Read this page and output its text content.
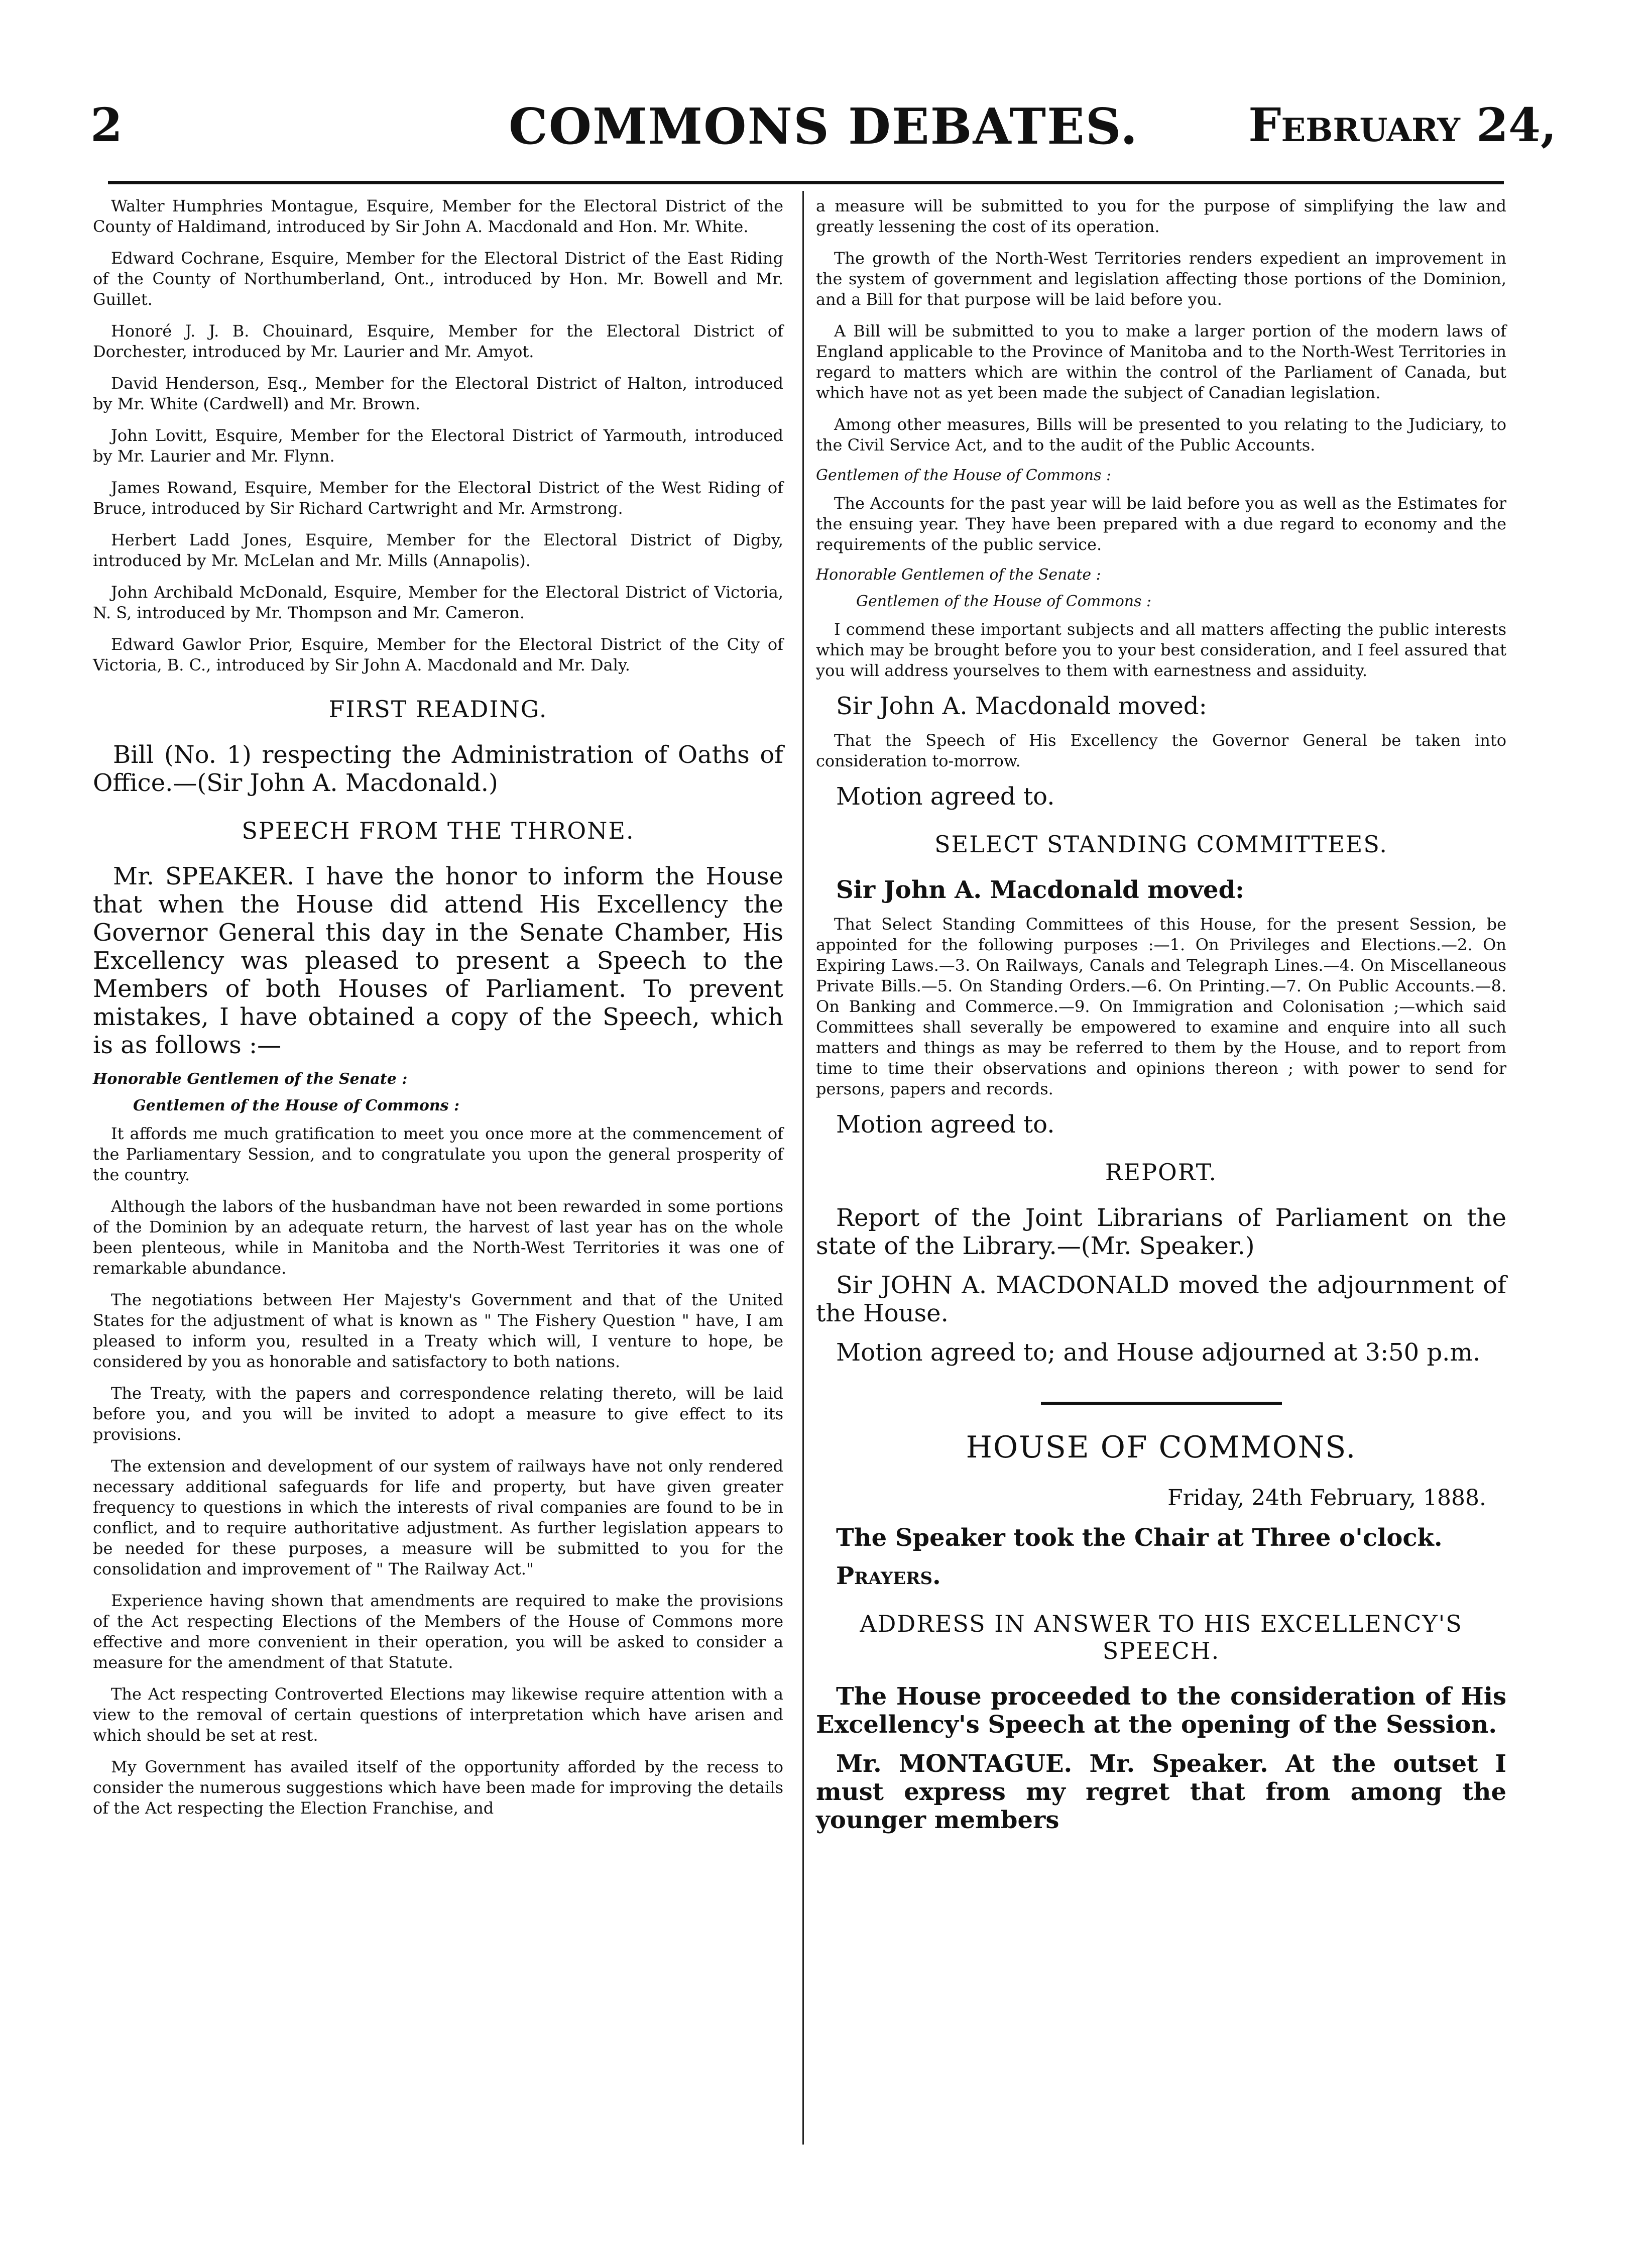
2	COMMONS DEBATES.	February 24,

Walter Humphries Montague, Esquire, Member for the Electoral District of the County of Haldimand, introduced by Sir John A. Macdonald and Hon. Mr. White.

Edward Cochrane, Esquire, Member for the Electoral District of the East Riding of the County of Northumberland, Ont., introduced by Hon. Mr. Bowell and Mr. Guillet.

Honoré J. J. B. Chouinard, Esquire, Member for the Electoral District of Dorchester, introduced by Mr. Laurier and Mr. Amyot.

David Henderson, Esq., Member for the Electoral District of Halton, introduced by Mr. White (Cardwell) and Mr. Brown.

John Lovitt, Esquire, Member for the Electoral District of Yarmouth, introduced by Mr. Laurier and Mr. Flynn.

James Rowand, Esquire, Member for the Electoral District of the West Riding of Bruce, introduced by Sir Richard Cartwright and Mr. Armstrong.

Herbert Ladd Jones, Esquire, Member for the Electoral District of Digby, introduced by Mr. McLelan and Mr. Mills (Annapolis).

John Archibald McDonald, Esquire, Member for the Electoral District of Victoria, N. S, introduced by Mr. Thompson and Mr. Cameron.

Edward Gawlor Prior, Esquire, Member for the Electoral District of the City of Victoria, B. C., introduced by Sir John A. Macdonald and Mr. Daly.

FIRST READING.

Bill (No. 1) respecting the Administration of Oaths of Office.—(Sir John A. Macdonald.)

SPEECH FROM THE THRONE.

Mr. SPEAKER. I have the honor to inform the House that when the House did attend His Excellency the Governor General this day in the Senate Chamber, His Excellency was pleased to present a Speech to the Members of both Houses of Parliament. To prevent mistakes, I have obtained a copy of the Speech, which is as follows :—

Honorable Gentlemen of the Senate :
Gentlemen of the House of Commons :

It affords me much gratification to meet you once more at the commencement of the Parliamentary Session, and to congratulate you upon the general prosperity of the country.

Although the labors of the husbandman have not been rewarded in some portions of the Dominion by an adequate return, the harvest of last year has on the whole been plenteous, while in Manitoba and the North-West Territories it was one of remarkable abundance.

The negotiations between Her Majesty's Government and that of the United States for the adjustment of what is known as " The Fishery Question " have, I am pleased to inform you, resulted in a Treaty which will, I venture to hope, be considered by you as honorable and satisfactory to both nations.

The Treaty, with the papers and correspondence relating thereto, will be laid before you, and you will be invited to adopt a measure to give effect to its provisions.

The extension and development of our system of railways have not only rendered necessary additional safeguards for life and property, but have given greater frequency to questions in which the interests of rival companies are found to be in conflict, and to require authoritative adjustment. As further legislation appears to be needed for these purposes, a measure will be submitted to you for the consolidation and improvement of " The Railway Act."

Experience having shown that amendments are required to make the provisions of the Act respecting Elections of the Members of the House of Commons more effective and more convenient in their operation, you will be asked to consider a measure for the amendment of that Statute.

The Act respecting Controverted Elections may likewise require attention with a view to the removal of certain questions of interpretation which have arisen and which should be set at rest.

My Government has availed itself of the opportunity afforded by the recess to consider the numerous suggestions which have been made for improving the details of the Act respecting the Election Franchise, and

a measure will be submitted to you for the purpose of simplifying the law and greatly lessening the cost of its operation.

The growth of the North-West Territories renders expedient an improvement in the system of government and legislation affecting those portions of the Dominion, and a Bill for that purpose will be laid before you.

A Bill will be submitted to you to make a larger portion of the modern laws of England applicable to the Province of Manitoba and to the North-West Territories in regard to matters which are within the control of the Parliament of Canada, but which have not as yet been made the subject of Canadian legislation.

Among other measures, Bills will be presented to you relating to the Judiciary, to the Civil Service Act, and to the audit of the Public Accounts.

Gentlemen of the House of Commons :

The Accounts for the past year will be laid before you as well as the Estimates for the ensuing year. They have been prepared with a due regard to economy and the requirements of the public service.

Honorable Gentlemen of the Senate :
Gentlemen of the House of Commons :

I commend these important subjects and all matters affecting the public interests which may be brought before you to your best consideration, and I feel assured that you will address yourselves to them with earnestness and assiduity.

Sir John A. Macdonald moved:

That the Speech of His Excellency the Governor General be taken into consideration to-morrow.

Motion agreed to.

SELECT STANDING COMMITTEES.

Sir John A. Macdonald moved:

That Select Standing Committees of this House, for the present Session, be appointed for the following purposes :—1. On Privileges and Elections.—2. On Expiring Laws.—3. On Railways, Canals and Telegraph Lines.—4. On Miscellaneous Private Bills.—5. On Standing Orders.—6. On Printing.—7. On Public Accounts.—8. On Banking and Commerce.—9. On Immigration and Colonisation ;—which said Committees shall severally be empowered to examine and enquire into all such matters and things as may be referred to them by the House, and to report from time to time their observations and opinions thereon ; with power to send for persons, papers and records.

Motion agreed to.

REPORT.

Report of the Joint Librarians of Parliament on the state of the Library.—(Mr. Speaker.)

Sir JOHN A. MACDONALD moved the adjournment of the House.

Motion agreed to; and House adjourned at 3:50 p.m.

HOUSE OF COMMONS.
Friday, 24th February, 1888.

The Speaker took the Chair at Three o'clock.

Prayers.

ADDRESS IN ANSWER TO HIS EXCELLENCY'S SPEECH.

The House proceeded to the consideration of His Excellency's Speech at the opening of the Session.

Mr. MONTAGUE. Mr. Speaker. At the outset I must express my regret that from among the younger members
